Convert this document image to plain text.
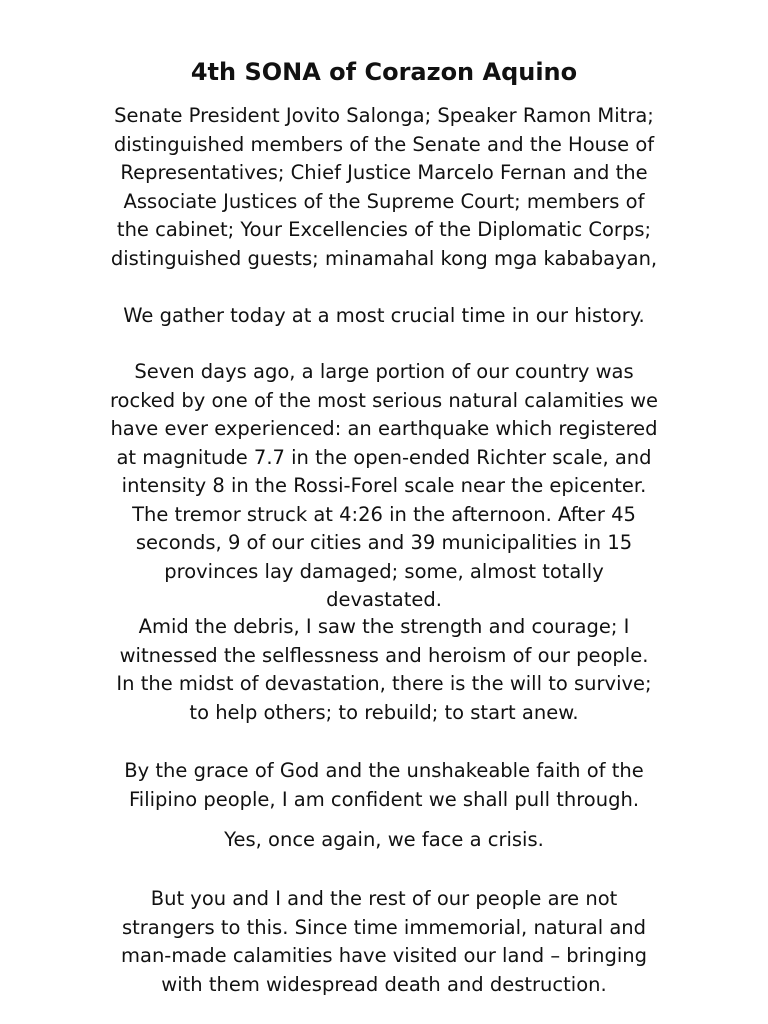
4th SONA of Corazon Aquino

Senate President Jovito Salonga; Speaker Ramon Mitra;
distinguished members of the Senate and the House of
Representatives; Chief Justice Marcelo Fernan and the
Associate Justices of the Supreme Court; members of
the cabinet; Your Excellencies of the Diplomatic Corps;
distinguished guests; minamahal kong mga kababayan,

We gather today at a most crucial time in our history.

Seven days ago, a large portion of our country was
rocked by one of the most serious natural calamities we
have ever experienced: an earthquake which registered
at magnitude 7.7 in the open-ended Richter scale, and
intensity 8 in the Rossi-Forel scale near the epicenter.
The tremor struck at 4:26 in the afternoon. After 45
seconds, 9 of our cities and 39 municipalities in 15
provinces lay damaged; some, almost totally
devastated.

Amid the debris, I saw the strength and courage; I
witnessed the selflessness and heroism of our people.
In the midst of devastation, there is the will to survive;
to help others; to rebuild; to start anew.

By the grace of God and the unshakeable faith of the
Filipino people, I am confident we shall pull through.

Yes, once again, we face a crisis.

But you and I and the rest of our people are not
strangers to this. Since time immemorial, natural and
man-made calamities have visited our land – bringing
with them widespread death and destruction.
